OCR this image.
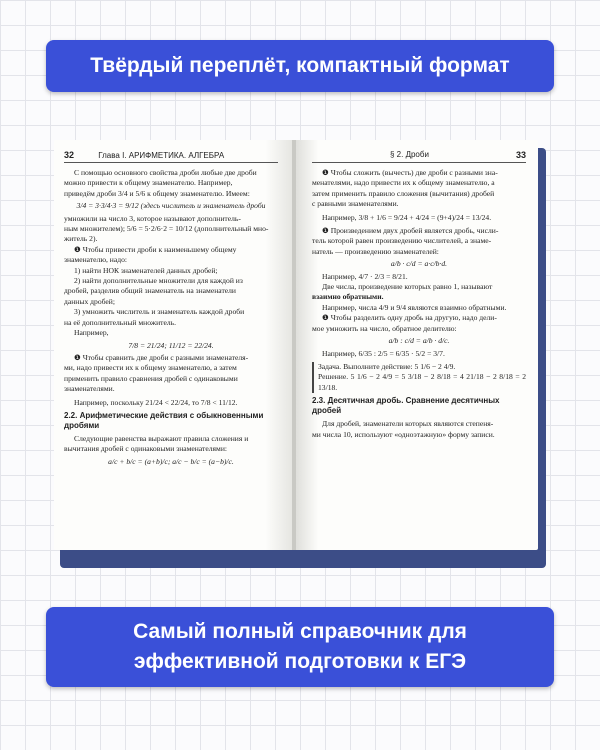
Твёрдый переплёт, компактный формат
32	Глава I. АРИФМЕТИКА. АЛГЕБРА

С помощью основного свойства дроби любые две дроби

можно привести к общему знаменателю. Например,

приведём дроби 3/4 и 5/6 к общему знаменателю. Имеем:

3/4 = 3·3/4·3 = 9/12 (здесь числитель и знаменатель дроби

умножили на число 3, которое называют дополнитель-

ным множителем); 5/6 = 5·2/6·2 = 10/12 (дополнительный мно-

житель 2).

❶ Чтобы привести дроби к наименьшему общему

знаменателю, надо:

1) найти НОК знаменателей данных дробей;

2) найти дополнительные множители для каждой из

дробей, разделив общий знаменатель на знаменатели

данных дробей;

3) умножить числитель и знаменатель каждой дроби

на её дополнительный множитель.

Например,

7/8 = 21/24; 11/12 = 22/24.

❶ Чтобы сравнить две дроби с разными знаменателя-

ми, надо привести их к общему знаменателю, а затем

применить правило сравнения дробей с одинаковыми

знаменателями.

Например, поскольку 21/24 < 22/24, то 7/8 < 11/12.

2.2. Арифметические действия с обыкновенными дробями

Следующие равенства выражают правила сложения и

вычитания дробей с одинаковыми знаменателями:

a/c + b/c = (a+b)/c; a/c − b/c = (a−b)/c.

§ 2. Дроби	33

❶ Чтобы сложить (вычесть) две дроби с разными зна-

менателями, надо привести их к общему знаменателю, а

затем применить правило сложения (вычитания) дробей

с равными знаменателями.

Например, 3/8 + 1/6 = 9/24 + 4/24 = (9+4)/24 = 13/24.

❶ Произведением двух дробей является дробь, числи-

тель которой равен произведению числителей, а знаме-

натель — произведению знаменателей:

a/b · c/d = a·c/b·d.

Например, 4/7 · 2/3 = 8/21.

Две числа, произведение которых равно 1, называют

взаимно обратными.

Например, числа 4/9 и 9/4 являются взаимно обратными.

❶ Чтобы разделить одну дробь на другую, надо дели-

мое умножить на число, обратное делителю:

a/b : c/d = a/b · d/c.

Например, 6/35 : 2/5 = 6/35 · 5/2 = 3/7.

Задача. Выполните действие: 5 1/6 − 2 4/9.

Решение. 5 1/6 − 2 4/9 = 5 3/18 − 2 8/18 = 4 21/18 − 2 8/18 = 2 13/18.

2.3. Десятичная дробь. Сравнение десятичных дробей

Для дробей, знаменатели которых являются степеня-

ми числа 10, используют «одноэтажную» форму записи.

Самый полный справочник для
эффективной подготовки к ЕГЭ
